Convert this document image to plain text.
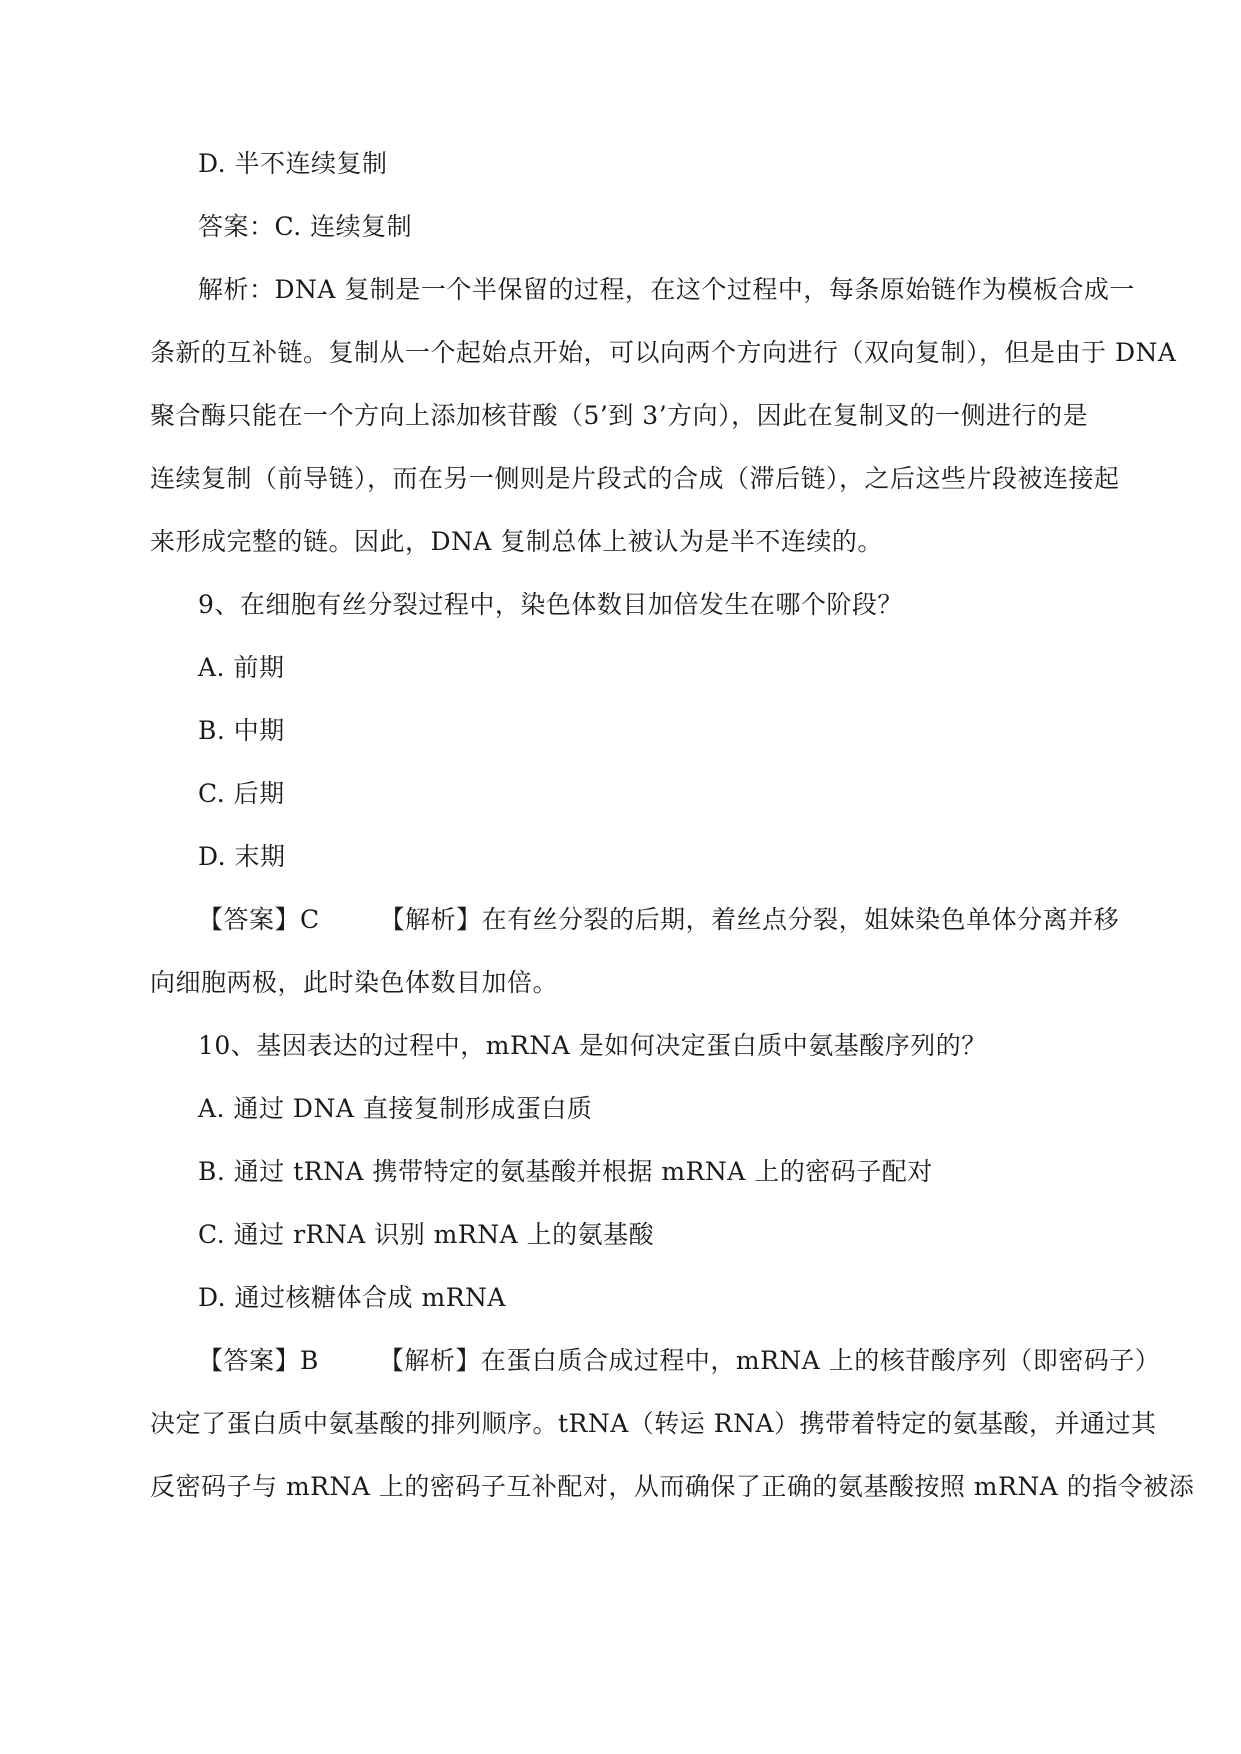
D. 半不连续复制
答案：C. 连续复制
解析：DNA 复制是一个半保留的过程，在这个过程中，每条原始链作为模板合成一
条新的互补链。复制从一个起始点开始，可以向两个方向进行（双向复制），但是由于 DNA
聚合酶只能在一个方向上添加核苷酸（5’到 3’方向），因此在复制叉的一侧进行的是
连续复制（前导链），而在另一侧则是片段式的合成（滞后链），之后这些片段被连接起
来形成完整的链。因此，DNA 复制总体上被认为是半不连续的。
9、在细胞有丝分裂过程中，染色体数目加倍发生在哪个阶段？
A. 前期
B. 中期
C. 后期
D. 末期
【答案】C 【解析】在有丝分裂的后期，着丝点分裂，姐妹染色单体分离并移
向细胞两极，此时染色体数目加倍。
10、基因表达的过程中，mRNA 是如何决定蛋白质中氨基酸序列的？
A. 通过 DNA 直接复制形成蛋白质
B. 通过 tRNA 携带特定的氨基酸并根据 mRNA 上的密码子配对
C. 通过 rRNA 识别 mRNA 上的氨基酸
D. 通过核糖体合成 mRNA
【答案】B 【解析】在蛋白质合成过程中，mRNA 上的核苷酸序列（即密码子）
决定了蛋白质中氨基酸的排列顺序。tRNA（转运 RNA）携带着特定的氨基酸，并通过其
反密码子与 mRNA 上的密码子互补配对，从而确保了正确的氨基酸按照 mRNA 的指令被添
